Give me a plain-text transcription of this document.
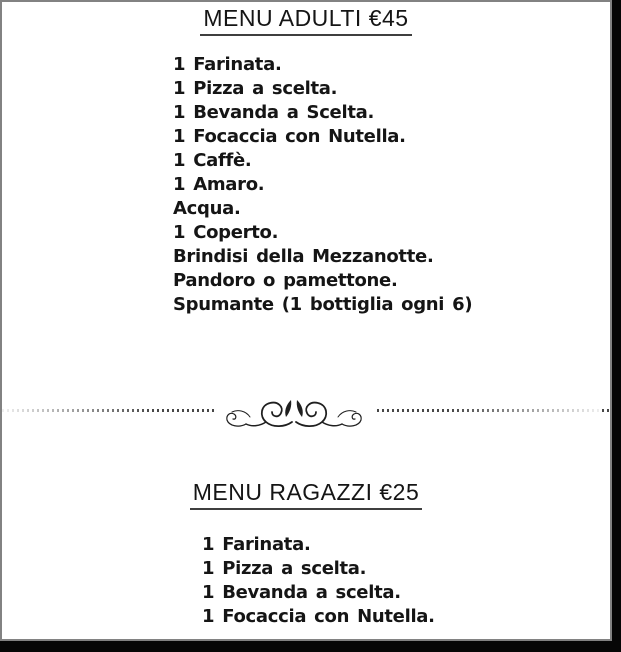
MENU ADULTI €45
1 Farinata.
1 Pizza a scelta.
1 Bevanda a Scelta.
1 Focaccia con Nutella.
1 Caffè.
1 Amaro.
Acqua.
1 Coperto.
Brindisi della Mezzanotte.
Pandoro o pamettone.
Spumante (1 bottiglia ogni 6)
MENU RAGAZZI €25
1 Farinata.
1 Pizza a scelta.
1 Bevanda a scelta.
1 Focaccia con Nutella.
